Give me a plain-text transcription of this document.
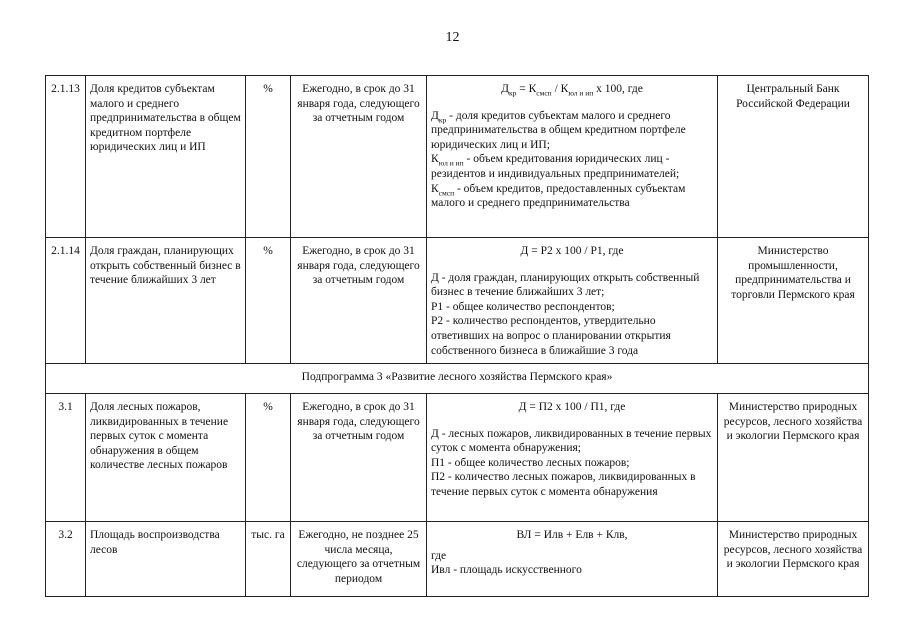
12
2.1.13	Доля кредитов субъектам малого и среднего предпринимательства в общем кредитном портфеле юридических лиц и ИП	%	Ежегодно, в срок до 31 января года, следующего за отчетным годом	$Д_{кр} = К_{смсп} / К_{юл и ип}$ х 100, где
$Д_{кр}$ - доля кредитов субъектам малого и среднего предпринимательства в общем кредитном портфеле юридических лиц и ИП;
$К_{юл и ип}$ - объем кредитования юридических лиц - резидентов и индивидуальных предпринимателей;
$К_{смсп}$ - объем кредитов, предоставленных субъектам малого и среднего предпринимательства	Центральный Банк Российской Федерации
2.1.14	Доля граждан, планирующих открыть собственный бизнес в течение ближайших 3 лет	%	Ежегодно, в срок до 31 января года, следующего за отчетным годом	Д = Р2 х 100 / Р1, где
Д - доля граждан, планирующих открыть собственный бизнес в течение ближайших 3 лет;
Р1 - общее количество респондентов;
Р2 - количество респондентов, утвердительно ответивших на вопрос о планировании открытия собственного бизнеса в ближайшие 3 года	Министерство промышленности, предпринимательства и торговли Пермского края
Подпрограмма 3 «Развитие лесного хозяйства Пермского края»					
3.1	Доля лесных пожаров, ликвидированных в течение первых суток с момента обнаружения в общем количестве лесных пожаров	%	Ежегодно, в срок до 31 января года, следующего за отчетным годом	Д = П2 х 100 / П1, где
Д - лесных пожаров, ликвидированных в течение первых суток с момента обнаружения;
П1 - общее количество лесных пожаров;
П2 - количество лесных пожаров, ликвидированных в течение первых суток с момента обнаружения	Министерство природных ресурсов, лесного хозяйства и экологии Пермского края
3.2	Площадь воспроизводства лесов	тыс. га	Ежегодно, не позднее 25 числа месяца, следующего за отчетным периодом	ВЛ = Илв + Елв + Клв,
где
Ивл - площадь искусственного	Министерство природных ресурсов, лесного хозяйства и экологии Пермского края
